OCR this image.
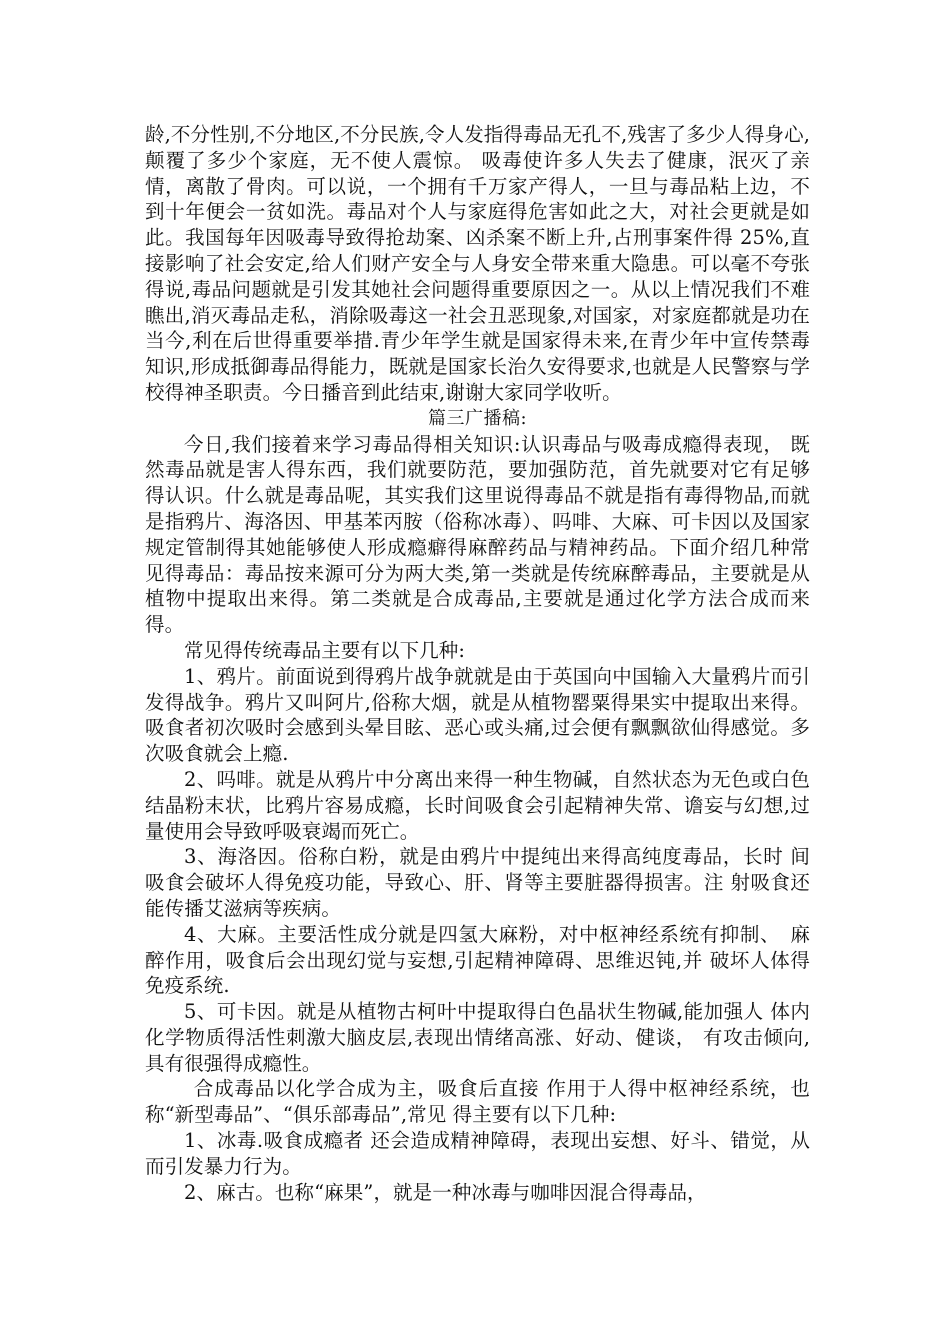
龄,不分性别,不分地区,不分民族,令人发指得毒品无孔不,残害了多少人得身心,颠覆了多少个家庭，无不使人震惊。 吸毒使许多人失去了健康，泯灭了亲情，离散了骨肉。可以说，一个拥有千万家产得人，一旦与毒品粘上边，不到十年便会一贫如洗。毒品对个人与家庭得危害如此之大，对社会更就是如此。我国每年因吸毒导致得抢劫案、凶杀案不断上升,占刑事案件得 25%,直接影响了社会安定,给人们财产安全与人身安全带来重大隐患。可以毫不夸张得说,毒品问题就是引发其她社会问题得重要原因之一。从以上情况我们不难瞧出,消灭毒品走私，消除吸毒这一社会丑恶现象,对国家，对家庭都就是功在当今,利在后世得重要举措.青少年学生就是国家得未来,在青少年中宣传禁毒知识,形成抵御毒品得能力，既就是国家长治久安得要求,也就是人民警察与学校得神圣职责。今日播音到此结束,谢谢大家同学收听。

篇三广播稿:

今日,我们接着来学习毒品得相关知识:认识毒品与吸毒成瘾得表现， 既然毒品就是害人得东西，我们就要防范，要加强防范，首先就要对它有足够得认识。什么就是毒品呢，其实我们这里说得毒品不就是指有毒得物品,而就是指鸦片、海洛因、甲基苯丙胺（俗称冰毒）、吗啡、大麻、可卡因以及国家规定管制得其她能够使人形成瘾癖得麻醉药品与精神药品。下面介绍几种常见得毒品：毒品按来源可分为两大类,第一类就是传统麻醉毒品，主要就是从植物中提取出来得。第二类就是合成毒品,主要就是通过化学方法合成而来得。

常见得传统毒品主要有以下几种:

1、鸦片。前面说到得鸦片战争就就是由于英国向中国输入大量鸦片而引发得战争。鸦片又叫阿片,俗称大烟，就是从植物罂粟得果实中提取出来得。吸食者初次吸时会感到头晕目眩、恶心或头痛,过会便有飘飘欲仙得感觉。多次吸食就会上瘾.

2、吗啡。就是从鸦片中分离出来得一种生物碱，自然状态为无色或白色结晶粉末状，比鸦片容易成瘾，长时间吸食会引起精神失常、谵妄与幻想,过量使用会导致呼吸衰竭而死亡。

3、海洛因。俗称白粉，就是由鸦片中提纯出来得高纯度毒品，长时 间吸食会破坏人得免疫功能，导致心、肝、肾等主要脏器得损害。注 射吸食还能传播艾滋病等疾病。

4、大麻。主要活性成分就是四氢大麻粉，对中枢神经系统有抑制、　麻醉作用，吸食后会出现幻觉与妄想,引起精神障碍、思维迟钝,并 破坏人体得免疫系统.

5、可卡因。就是从植物古柯叶中提取得白色晶状生物碱,能加强人 体内化学物质得活性刺激大脑皮层,表现出情绪高涨、好动、健谈， 有攻击倾向,具有很强得成瘾性。

合成毒品以化学合成为主，吸食后直接 作用于人得中枢神经系统，也称“新型毒品”、“俱乐部毒品”,常见 得主要有以下几种:

1、冰毒.吸食成瘾者 还会造成精神障碍，表现出妄想、好斗、错觉，从而引发暴力行为。

2、麻古。也称“麻果”，就是一种冰毒与咖啡因混合得毒品，
